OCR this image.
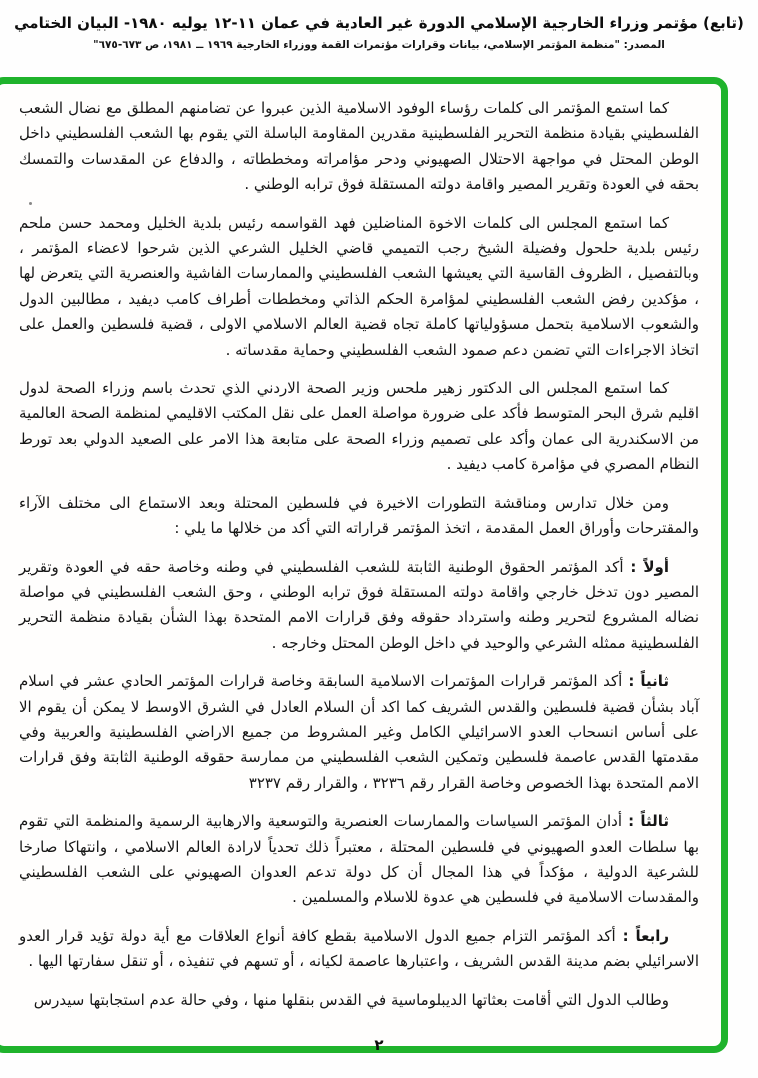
(تابع) مؤتمر وزراء الخارجية الإسلامي الدورة غير العادية في عمان ١١-١٢ يوليه ١٩٨٠- البيان الختامي
المصدر: "منظمة المؤتمر الإسلامي، بيانات وقرارات مؤتمرات القمة ووزراء الخارجية ١٩٦٩ ــ ١٩٨١، ص ٦٧٣-٦٧٥"

كما استمع المؤتمر الى كلمات رؤساء الوفود الاسلامية الذين عبروا عن تضامنهم المطلق مع نضال الشعب الفلسطيني بقيادة منظمة التحرير الفلسطينية مقدرين المقاومة الباسلة التي يقوم بها الشعب الفلسطيني داخل الوطن المحتل في مواجهة الاحتلال الصهيوني ودحر مؤامراته ومخططاته ، والدفاع عن المقدسات والتمسك بحقه في العودة وتقرير المصير واقامة دولته المستقلة فوق ترابه الوطني .

كما استمع المجلس الى كلمات الاخوة المناضلين فهد القواسمه رئيس بلدية الخليل ومحمد حسن ملحم رئيس بلدية حلحول وفضيلة الشيخ رجب التميمي قاضي الخليل الشرعي الذين شرحوا لاعضاء المؤتمر ، وبالتفصيل ، الظروف القاسية التي يعيشها الشعب الفلسطيني والممارسات الفاشية والعنصرية التي يتعرض لها ، مؤكدين رفض الشعب الفلسطيني لمؤامرة الحكم الذاتي ومخططات أطراف كامب ديفيد ، مطالبين الدول والشعوب الاسلامية بتحمل مسؤولياتها كاملة تجاه قضية العالم الاسلامي الاولى ، قضية فلسطين والعمل على اتخاذ الاجراءات التي تضمن دعم صمود الشعب الفلسطيني وحماية مقدساته .

كما استمع المجلس الى الدكتور زهير ملحس وزير الصحة الاردني الذي تحدث باسم وزراء الصحة لدول اقليم شرق البحر المتوسط فأكد على ضرورة مواصلة العمل على نقل المكتب الاقليمي لمنظمة الصحة العالمية من الاسكندرية الى عمان وأكد على تصميم وزراء الصحة على متابعة هذا الامر على الصعيد الدولي بعد تورط النظام المصري في مؤامرة كامب ديفيد .

ومن خلال تدارس ومناقشة التطورات الاخيرة في فلسطين المحتلة وبعد الاستماع الى مختلف الآراء والمقترحات وأوراق العمل المقدمة ، اتخذ المؤتمر قراراته التي أكد من خلالها ما يلي :

أولاً : أكد المؤتمر الحقوق الوطنية الثابتة للشعب الفلسطيني في وطنه وخاصة حقه في العودة وتقرير المصير دون تدخل خارجي واقامة دولته المستقلة فوق ترابه الوطني ، وحق الشعب الفلسطيني في مواصلة نضاله المشروع لتحرير وطنه واسترداد حقوقه وفق قرارات الامم المتحدة بهذا الشأن بقيادة منظمة التحرير الفلسطينية ممثله الشرعي والوحيد في داخل الوطن المحتل وخارجه .

ثانياً : أكد المؤتمر قرارات المؤتمرات الاسلامية السابقة وخاصة قرارات المؤتمر الحادي عشر في اسلام آباد بشأن قضية فلسطين والقدس الشريف كما اكد أن السلام العادل في الشرق الاوسط لا يمكن أن يقوم الا على أساس انسحاب العدو الاسرائيلي الكامل وغير المشروط من جميع الاراضي الفلسطينية والعربية وفي مقدمتها القدس عاصمة فلسطين وتمكين الشعب الفلسطيني من ممارسة حقوقه الوطنية الثابتة وفق قرارات الامم المتحدة بهذا الخصوص وخاصة القرار رقم ٣٢٣٦ ، والقرار رقم ٣٢٣٧

ثالثاً : أدان المؤتمر السياسات والممارسات العنصرية والتوسعية والارهابية الرسمية والمنظمة التي تقوم بها سلطات العدو الصهيوني في فلسطين المحتلة ، معتبراً ذلك تحدياً لارادة العالم الاسلامي ، وانتهاكا صارخا للشرعية الدولية ، مؤكداً في هذا المجال أن كل دولة تدعم العدوان الصهيوني على الشعب الفلسطيني والمقدسات الاسلامية في فلسطين هي عدوة للاسلام والمسلمين .

رابعاً : أكد المؤتمر التزام جميع الدول الاسلامية بقطع كافة أنواع العلاقات مع أية دولة تؤيد قرار العدو الاسرائيلي بضم مدينة القدس الشريف ، واعتبارها عاصمة لكيانه ، أو تسهم في تنفيذه ، أو تنقل سفارتها اليها .

وطالب الدول التي أقامت بعثاتها الديبلوماسية في القدس بنقلها منها ، وفي حالة عدم استجابتها سيدرس

٢
